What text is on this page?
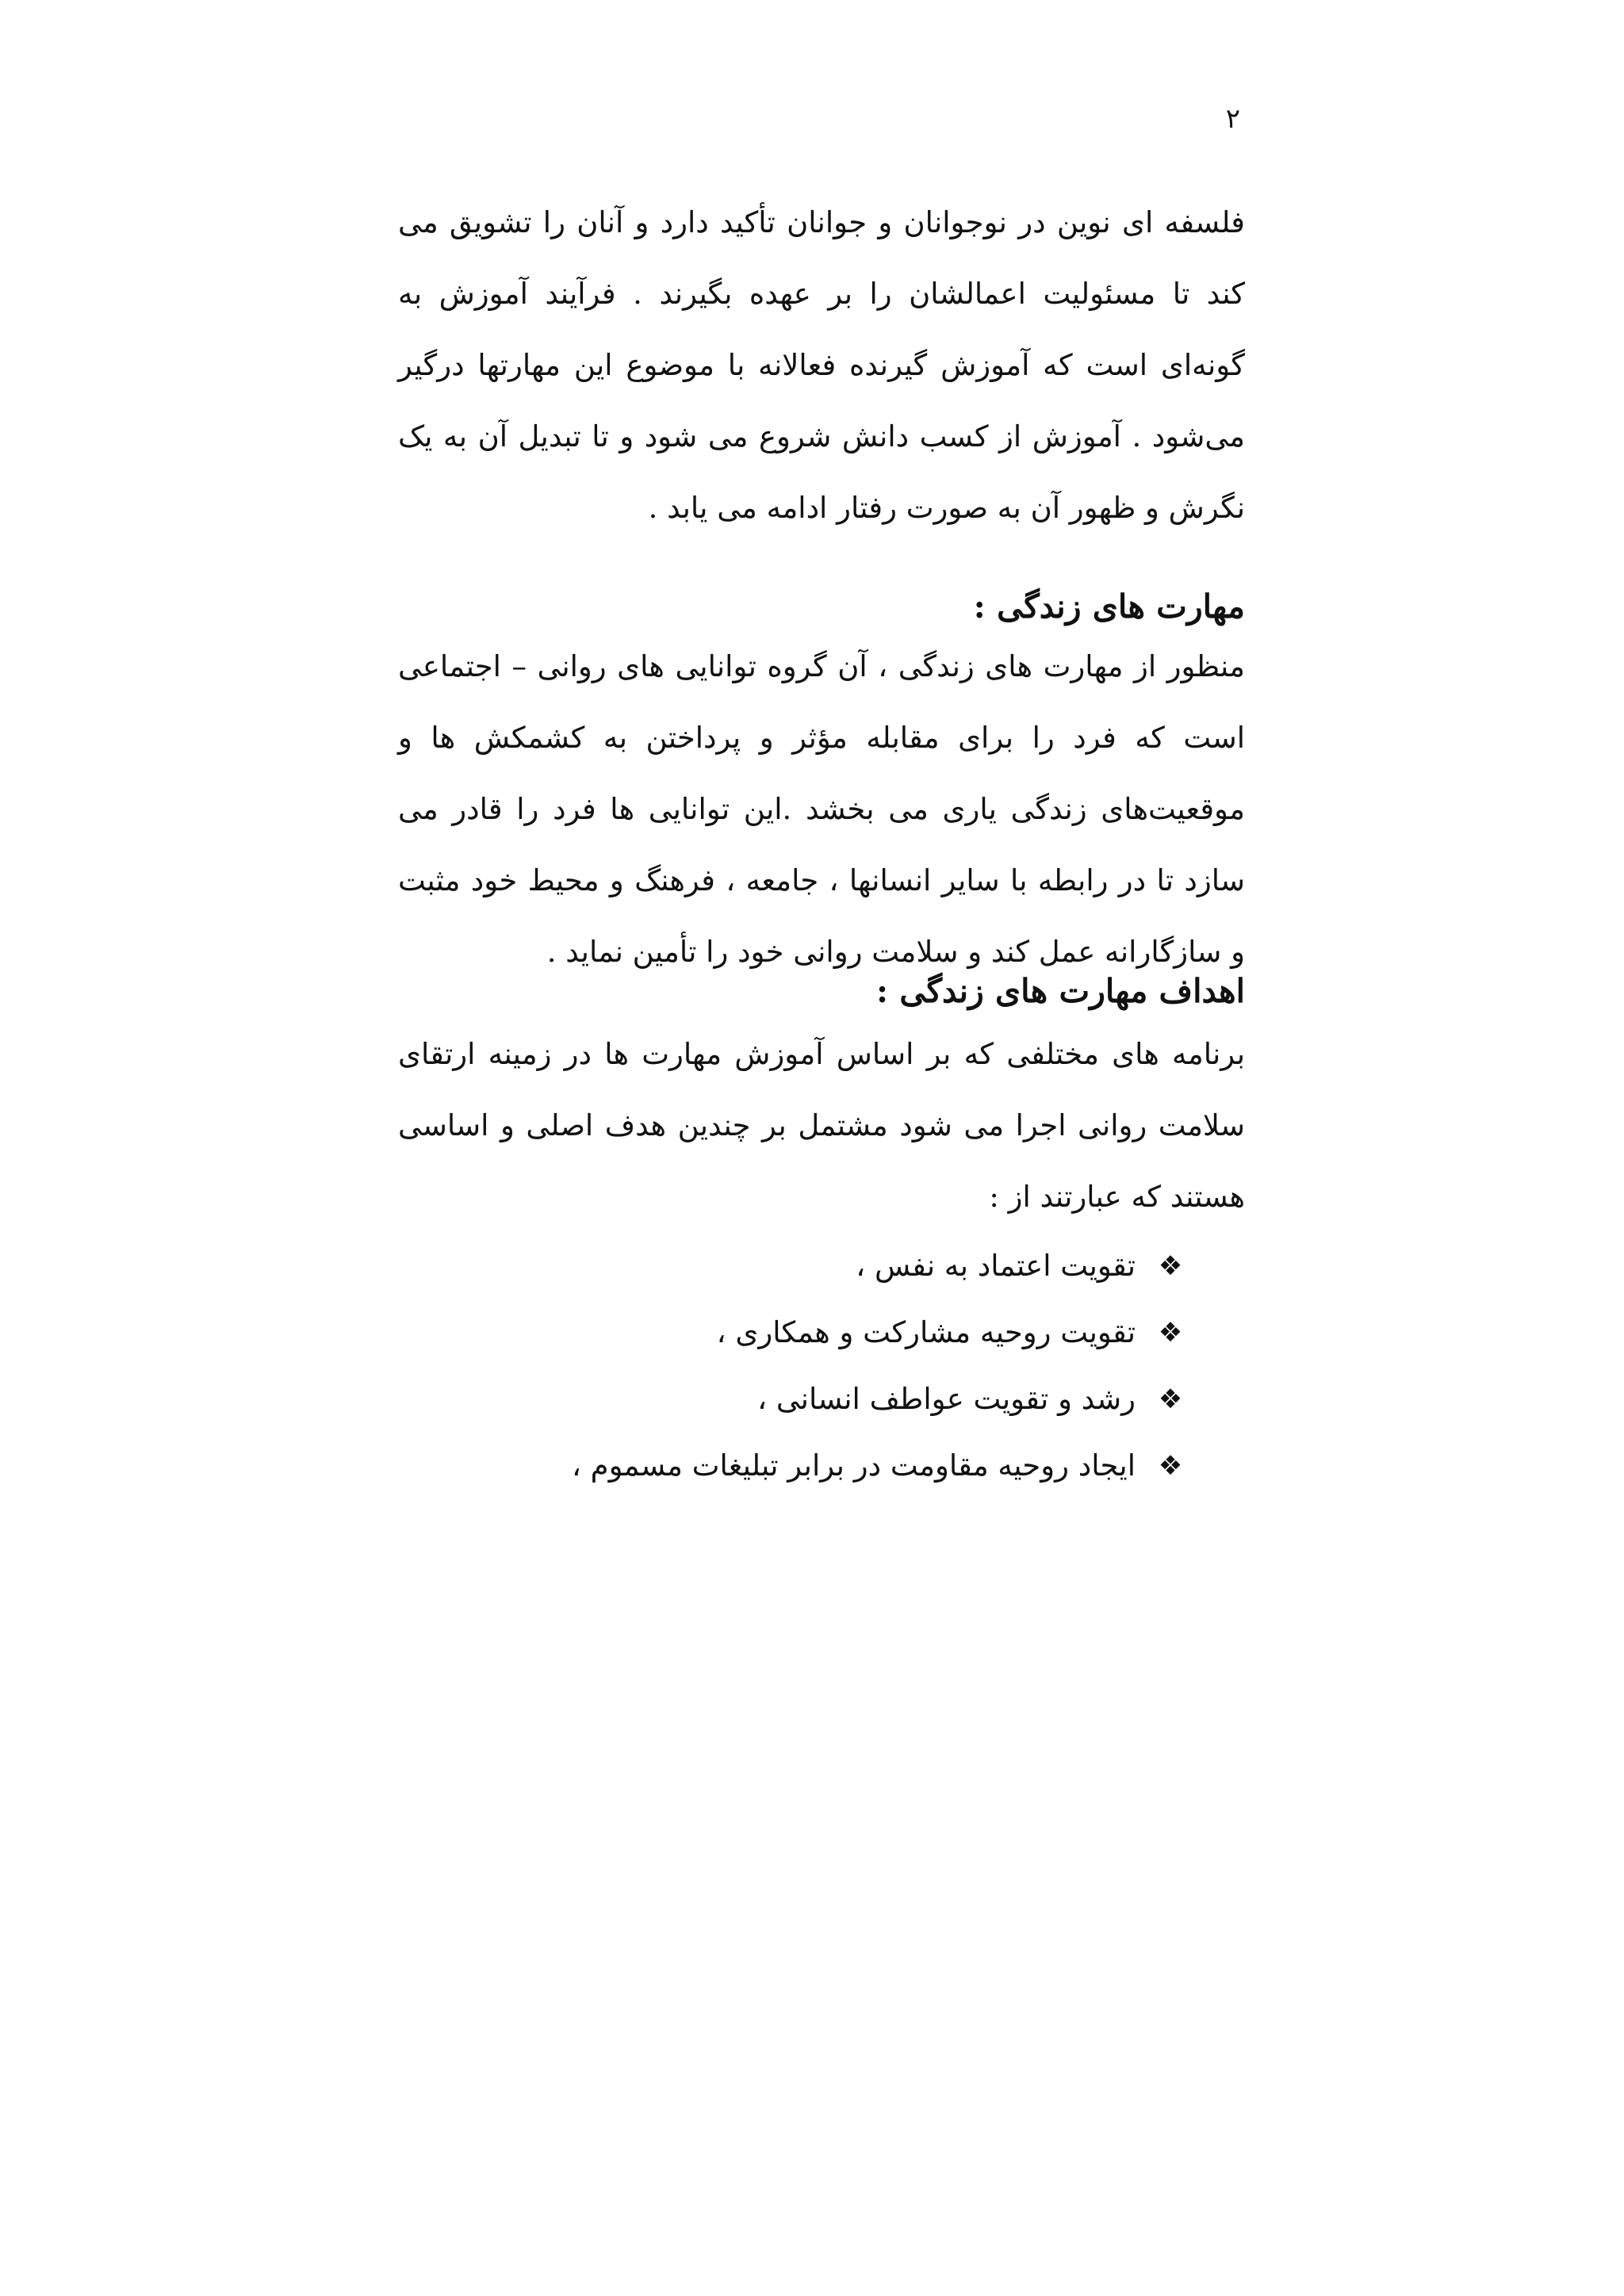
۲

فلسفه ای نوین در نوجوانان و جوانان تأکید دارد و آنان را تشویق می کند تا مسئولیت اعمالشان را بر عهده بگیرند . فرآیند آموزش به گونه‌ای است که آموزش گیرنده فعالانه با موضوع این مهارتها درگیر می‌شود . آموزش از کسب دانش شروع می شود و تا تبدیل آن به یک نگرش و ظهور آن به صورت رفتار ادامه می یابد .

مهارت های زندگی :

منظور از مهارت های زندگی ، آن گروه توانایی های روانی – اجتماعی است که فرد را برای مقابله مؤثر و پرداختن به کشمکش ها و موقعیت‌های زندگی یاری می بخشد .این توانایی ها فرد را قادر می سازد تا در رابطه با سایر انسانها ، جامعه ، فرهنگ و محیط خود مثبت و سازگارانه عمل کند و سلامت روانی خود را تأمین نماید .

اهداف مهارت های زندگی :

برنامه های مختلفی که بر اساس آموزش مهارت ها در زمینه ارتقای سلامت روانی اجرا می شود مشتمل بر چندین هدف اصلی و اساسی هستند که عبارتند از :

❖
تقویت اعتماد به نفس ،
❖
تقویت روحیه مشارکت و همکاری ،
❖
رشد و تقویت عواطف انسانی ،
❖
ایجاد روحیه مقاومت در برابر تبلیغات مسموم ،
